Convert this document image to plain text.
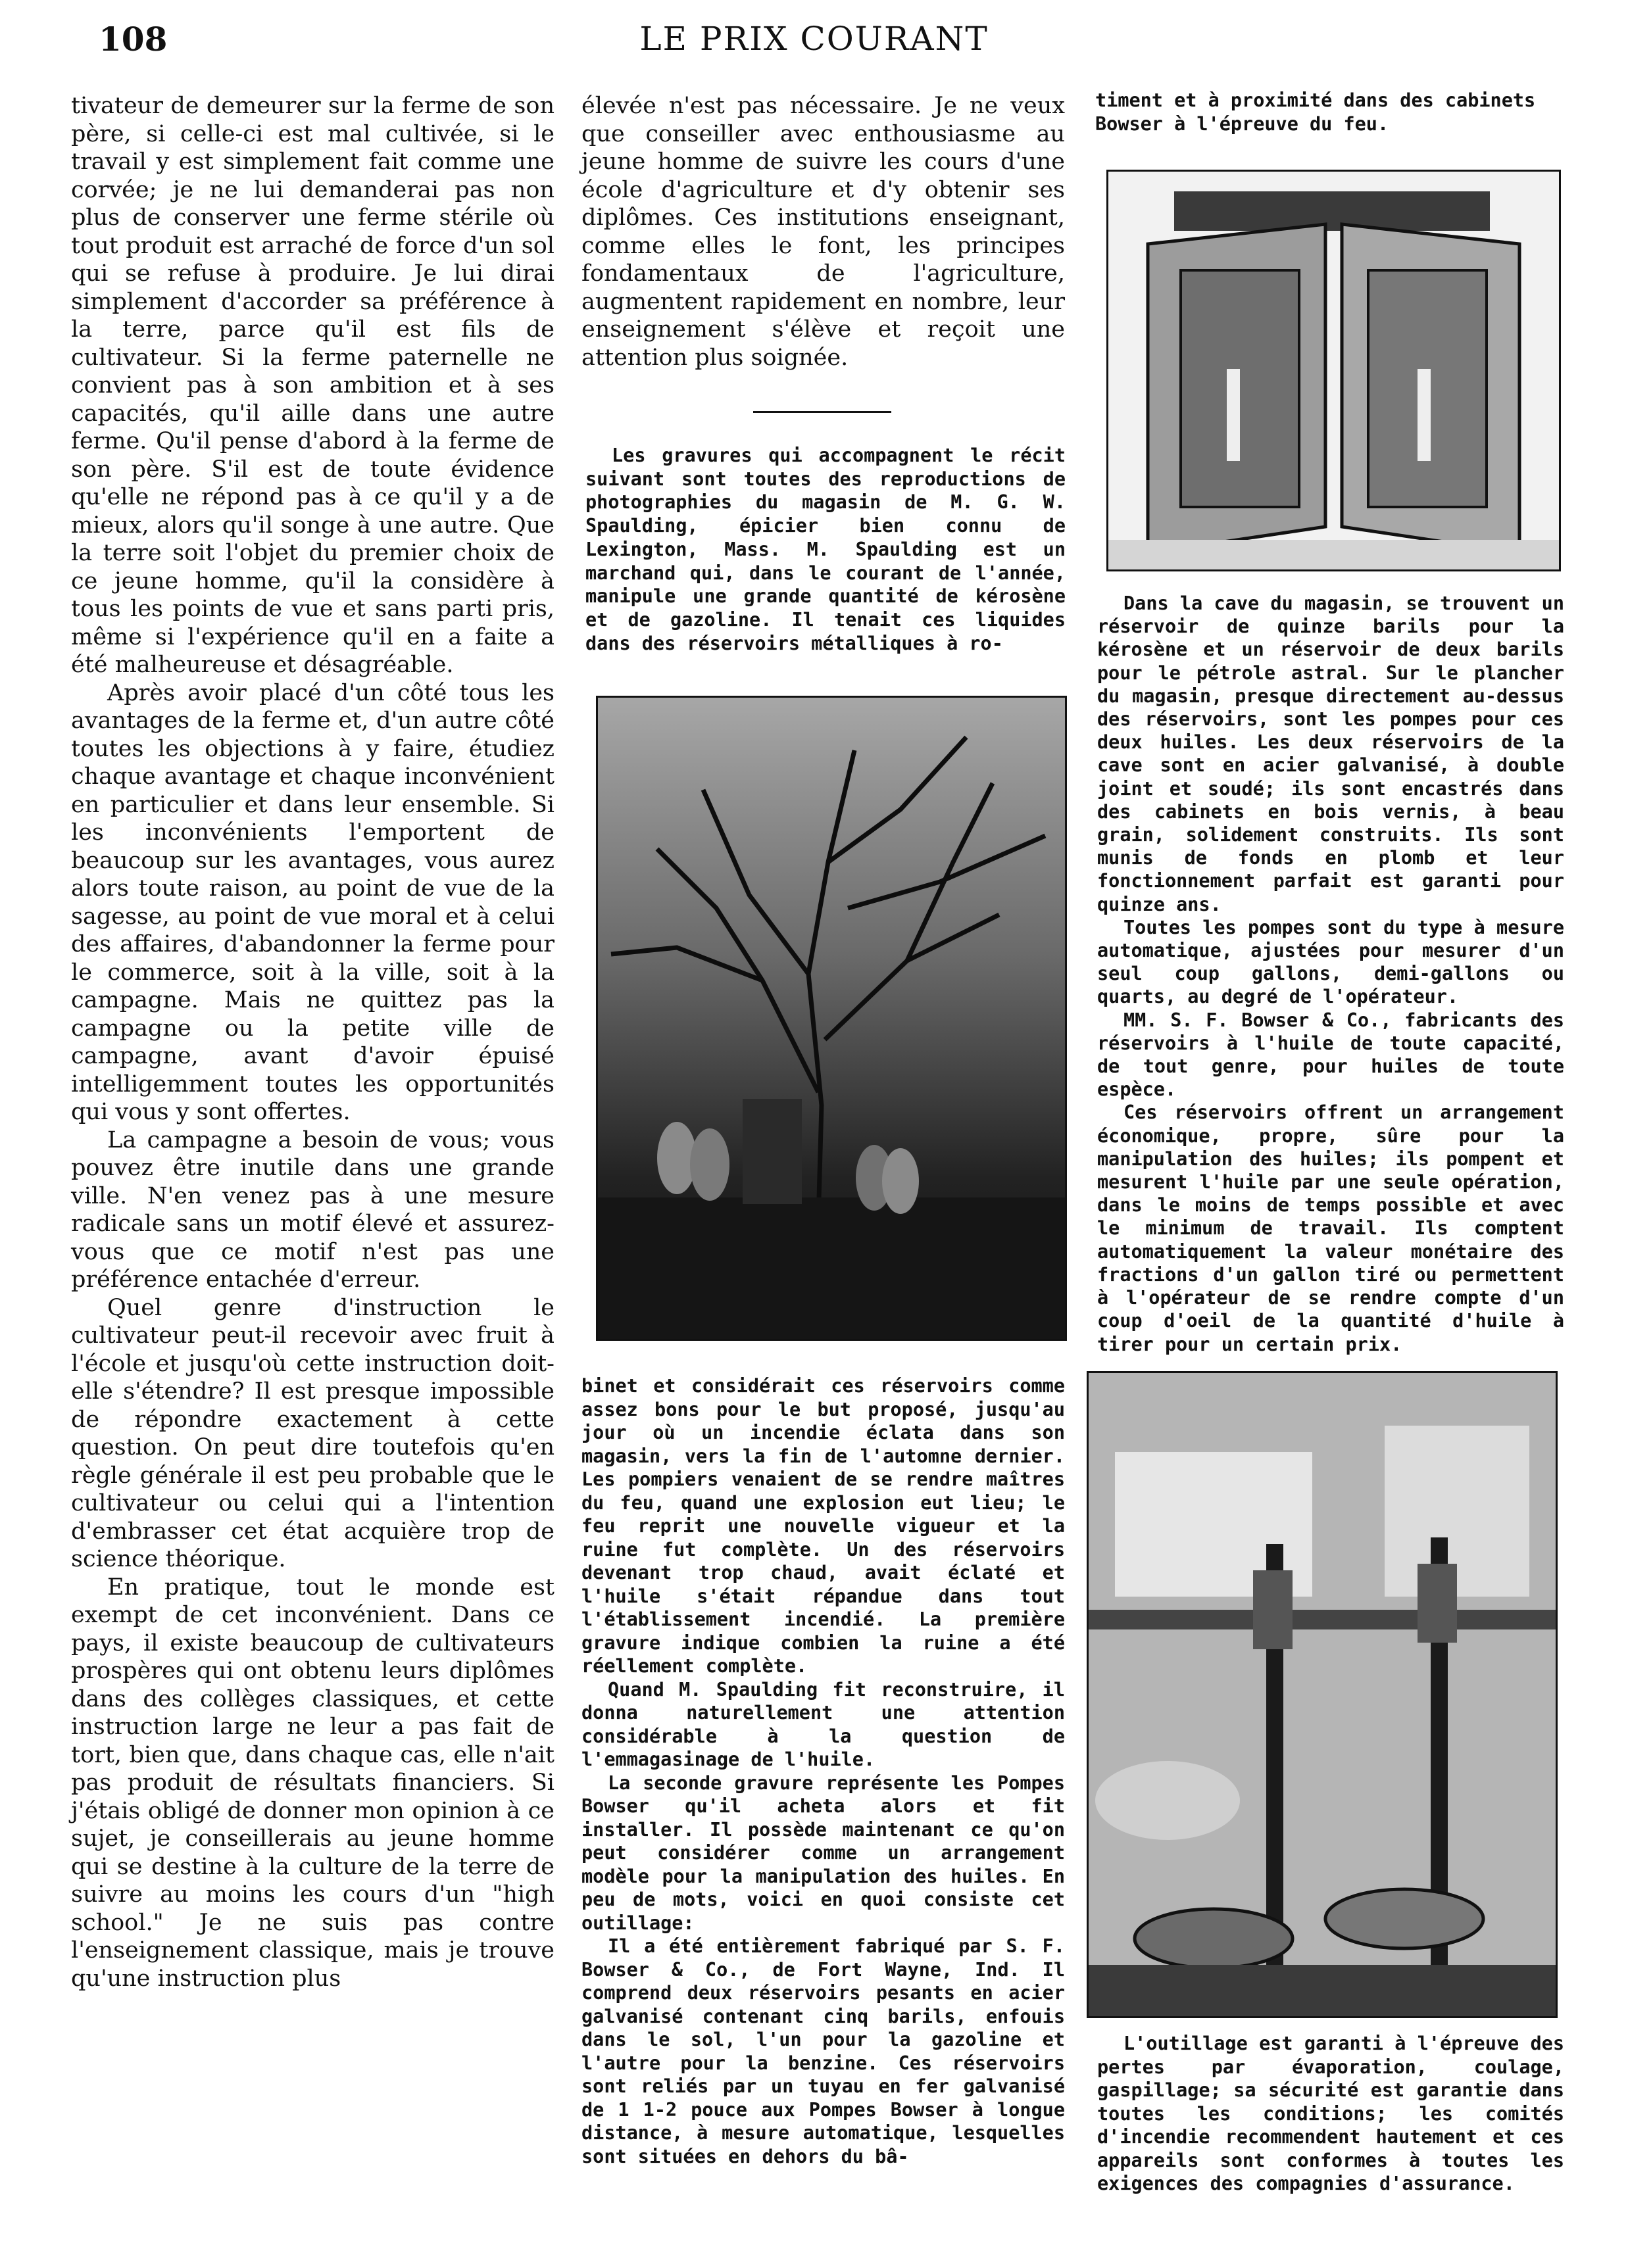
108	LE PRIX COURANT

tivateur de demeurer sur la ferme de son père, si celle-ci est mal cultivée, si le travail y est simplement fait comme une corvée; je ne lui demanderai pas non plus de conserver une ferme stérile où tout produit est arraché de force d'un sol qui se refuse à produire. Je lui dirai simplement d'accorder sa préférence à la terre, parce qu'il est fils de cultivateur. Si la ferme paternelle ne convient pas à son ambition et à ses capacités, qu'il aille dans une autre ferme. Qu'il pense d'abord à la ferme de son père. S'il est de toute évidence qu'elle ne répond pas à ce qu'il y a de mieux, alors qu'il songe à une autre. Que la terre soit l'objet du premier choix de ce jeune homme, qu'il la considère à tous les points de vue et sans parti pris, même si l'expérience qu'il en a faite a été malheureuse et désagréable.

Après avoir placé d'un côté tous les avantages de la ferme et, d'un autre côté toutes les objections à y faire, étudiez chaque avantage et chaque inconvénient en particulier et dans leur ensemble. Si les inconvénients l'emportent de beaucoup sur les avantages, vous aurez alors toute raison, au point de vue de la sagesse, au point de vue moral et à celui des affaires, d'abandonner la ferme pour le commerce, soit à la ville, soit à la campagne. Mais ne quittez pas la campagne ou la petite ville de campagne, avant d'avoir épuisé intelligemment toutes les opportunités qui vous y sont offertes.

La campagne a besoin de vous; vous pouvez être inutile dans une grande ville. N'en venez pas à une mesure radicale sans un motif élevé et assurez-vous que ce motif n'est pas une préférence entachée d'erreur.

Quel genre d'instruction le cultivateur peut-il recevoir avec fruit à l'école et jusqu'où cette instruction doit-elle s'étendre? Il est presque impossible de répondre exactement à cette question. On peut dire toutefois qu'en règle générale il est peu probable que le cultivateur ou celui qui a l'intention d'embrasser cet état acquière trop de science théorique.

En pratique, tout le monde est exempt de cet inconvénient. Dans ce pays, il existe beaucoup de cultivateurs prospères qui ont obtenu leurs diplômes dans des collèges classiques, et cette instruction large ne leur a pas fait de tort, bien que, dans chaque cas, elle n'ait pas produit de résultats financiers. Si j'étais obligé de donner mon opinion à ce sujet, je conseillerais au jeune homme qui se destine à la culture de la terre de suivre au moins les cours d'un "high school." Je ne suis pas contre l'enseignement classique, mais je trouve qu'une instruction plus

élevée n'est pas nécessaire. Je ne veux que conseiller avec enthousiasme au jeune homme de suivre les cours d'une école d'agriculture et d'y obtenir ses diplômes. Ces institutions enseignant, comme elles le font, les principes fondamentaux de l'agriculture, augmentent rapidement en nombre, leur enseignement s'élève et reçoit une attention plus soignée.

Les gravures qui accompagnent le récit suivant sont toutes des reproductions de photographies du magasin de M. G. W. Spaulding, épicier bien connu de Lexington, Mass. M. Spaulding est un marchand qui, dans le courant de l'année, manipule une grande quantité de kérosène et de gazoline. Il tenait ces liquides dans des réservoirs métalliques à ro-

binet et considérait ces réservoirs comme assez bons pour le but proposé, jusqu'au jour où un incendie éclata dans son magasin, vers la fin de l'automne dernier. Les pompiers venaient de se rendre maîtres du feu, quand une explosion eut lieu; le feu reprit une nouvelle vigueur et la ruine fut complète. Un des réservoirs devenant trop chaud, avait éclaté et l'huile s'était répandue dans tout l'établissement incendié. La première gravure indique combien la ruine a été réellement complète.

Quand M. Spaulding fit reconstruire, il donna naturellement une attention considérable à la question de l'emmagasinage de l'huile.

La seconde gravure représente les Pompes Bowser qu'il acheta alors et fit installer. Il possède maintenant ce qu'on peut considérer comme un arrangement modèle pour la manipulation des huiles. En peu de mots, voici en quoi consiste cet outillage:

Il a été entièrement fabriqué par S. F. Bowser & Co., de Fort Wayne, Ind. Il comprend deux réservoirs pesants en acier galvanisé contenant cinq barils, enfouis dans le sol, l'un pour la gazoline et l'autre pour la benzine. Ces réservoirs sont reliés par un tuyau en fer galvanisé de 1 1-2 pouce aux Pompes Bowser à longue distance, à mesure automatique, lesquelles sont situées en dehors du bâ-

timent et à proximité dans des cabinets Bowser à l'épreuve du feu.

Dans la cave du magasin, se trouvent un réservoir de quinze barils pour la kérosène et un réservoir de deux barils pour le pétrole astral. Sur le plancher du magasin, presque directement au-dessus des réservoirs, sont les pompes pour ces deux huiles. Les deux réservoirs de la cave sont en acier galvanisé, à double joint et soudé; ils sont encastrés dans des cabinets en bois vernis, à beau grain, solidement construits. Ils sont munis de fonds en plomb et leur fonctionnement parfait est garanti pour quinze ans.

Toutes les pompes sont du type à mesure automatique, ajustées pour mesurer d'un seul coup gallons, demi-gallons ou quarts, au degré de l'opérateur.

MM. S. F. Bowser & Co., fabricants des réservoirs à l'huile de toute capacité, de tout genre, pour huiles de toute espèce.

Ces réservoirs offrent un arrangement économique, propre, sûre pour la manipulation des huiles; ils pompent et mesurent l'huile par une seule opération, dans le moins de temps possible et avec le minimum de travail. Ils comptent automatiquement la valeur monétaire des fractions d'un gallon tiré ou permettent à l'opérateur de se rendre compte d'un coup d'oeil de la quantité d'huile à tirer pour un certain prix.

L'outillage est garanti à l'épreuve des pertes par évaporation, coulage, gaspillage; sa sécurité est garantie dans toutes les conditions; les comités d'incendie recommendent hautement et ces appareils sont conformes à toutes les exigences des compagnies d'assurance.
